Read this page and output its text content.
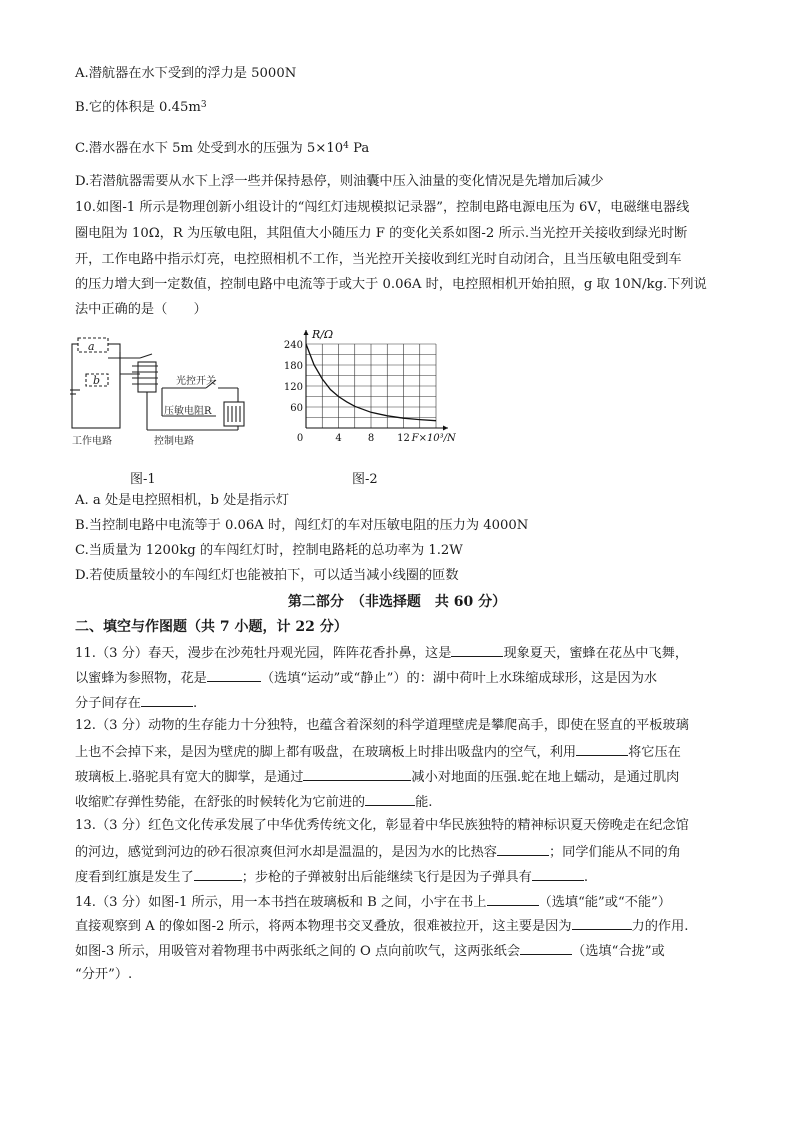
A.潜航器在水下受到的浮力是 5000N
B.它的体积是 $0.45m^3$
C.潜水器在水下 5m 处受到水的压强为 $5\times 10^4$ Pa
D.若潜航器需要从水下上浮一些并保持悬停，则油囊中压入油量的变化情况是先增加后减少
10.如图-1 所示是物理创新小组设计的“闯红灯违规模拟记录器”，控制电路电源电压为 6V，电磁继电器线
圈电阻为 10Ω，R 为压敏电阻，其阻值大小随压力 F 的变化关系如图-2 所示.当光控开关接收到绿光时断
开，工作电路中指示灯亮，电控照相机不工作，当光控开关接收到红光时自动闭合，且当压敏电阻受到车
的压力增大到一定数值，控制电路中电流等于或大于 0.06A 时，电控照相机开始拍照，g 取 10N/kg.下列说
法中正确的是（　　）
a
b	光控开关
压敏电阻R
工作电路	控制电路
图-1
240
180
120
60
4	8 12
0
R/Ω
F×10³/N
图-2
A. a 处是电控照相机，b 处是指示灯
B.当控制电路中电流等于 0.06A 时，闯红灯的车对压敏电阻的压力为 4000N
C.当质量为 1200kg 的车闯红灯时，控制电路耗的总功率为 1.2W
D.若使质量较小的车闯红灯也能被拍下，可以适当减小线圈的匝数
第二部分　（非选择题　共 60 分）
二、填空与作图题（共 7 小题，计 22 分）
11.（3 分）春天，漫步在沙苑牡丹观光园，阵阵花香扑鼻，这是	现象夏天，蜜蜂在花丛中飞舞，
以蜜蜂为参照物，花是	（选填“运动”或“静止”）的：湖中荷叶上水珠缩成球形，这是因为水
分子间存在	.
12.（3 分）动物的生存能力十分独特，也蕴含着深刻的科学道理壁虎是攀爬高手，即使在竖直的平板玻璃
上也不会掉下来，是因为壁虎的脚上都有吸盘，在玻璃板上时排出吸盘内的空气，利用	将它压在
玻璃板上.骆驼具有宽大的脚掌，是通过	减小对地面的压强.蛇在地上蠕动，是通过肌肉
收缩贮存弹性势能，在舒张的时候转化为它前进的	能.
13.（3 分）红色文化传承发展了中华优秀传统文化，彰显着中华民族独特的精神标识夏天傍晚走在纪念馆
的河边，感觉到河边的砂石很凉爽但河水却是温温的，是因为水的比热容	；同学们能从不同的角
度看到红旗是发生了	；步枪的子弹被射出后能继续飞行是因为子弹具有	.
14.（3 分）如图-1 所示，用一本书挡在玻璃板和 B 之间，小宇在书上	（选填“能”或“不能”）
直接观察到 A 的像如图-2 所示，将两本物理书交叉叠放，很难被拉开，这主要是因为	力的作用.
如图-3 所示，用吸管对着物理书中两张纸之间的 O 点向前吹气，这两张纸会	（选填“合拢”或
“分开”）.
